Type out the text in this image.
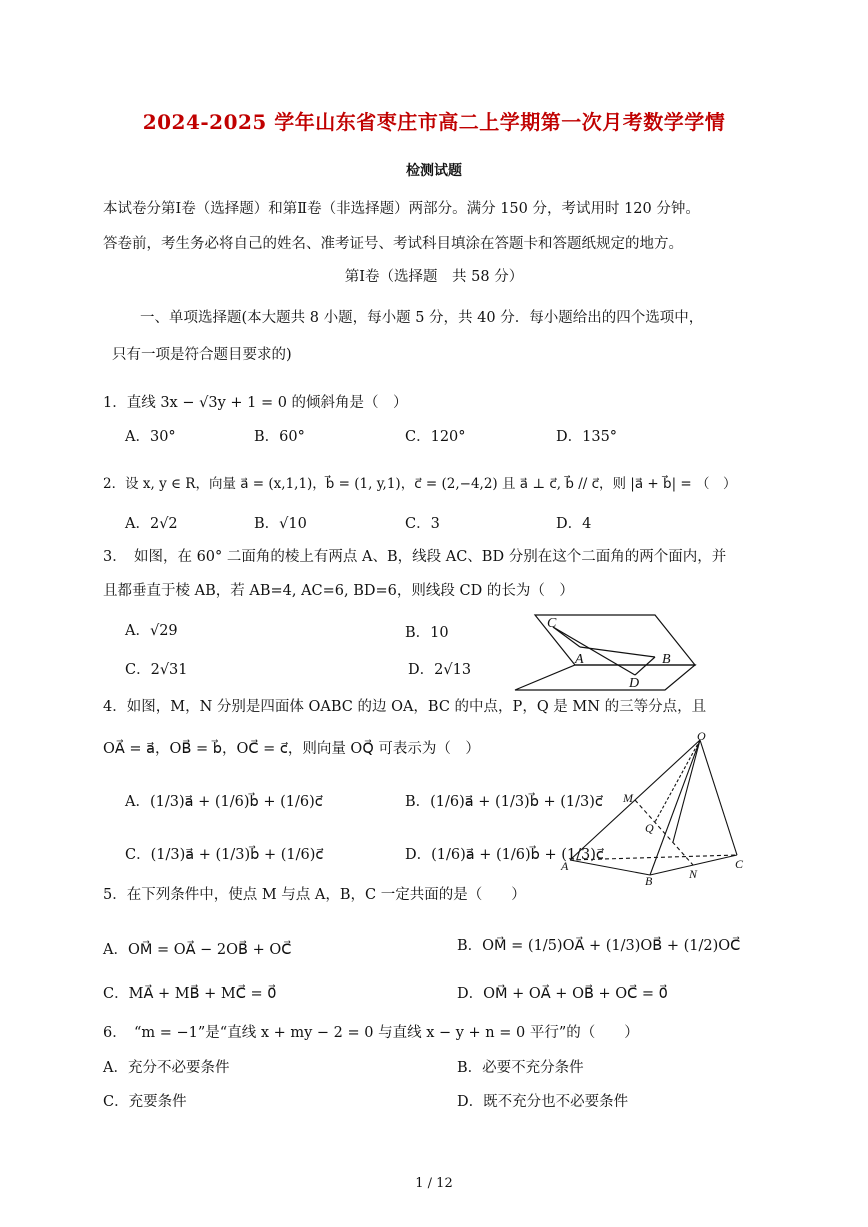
2024-2025 学年山东省枣庄市高二上学期第一次月考数学学情
检测试题
本试卷分第Ⅰ卷（选择题）和第Ⅱ卷（非选择题）两部分。满分 150 分，考试用时 120 分钟。
答卷前，考生务必将自己的姓名、准考证号、考试科目填涂在答题卡和答题纸规定的地方。
第Ⅰ卷（选择题　共 58 分）
一、单项选择题(本大题共 8 小题，每小题 5 分，共 40 分．每小题给出的四个选项中，
只有一项是符合题目要求的)
1．直线 3x − √3y + 1 = 0 的倾斜角是（　）
A．30°	B．60°	C．120°	D．135°
2．设 x, y ∈ R，向量 a⃗ = (x,1,1)，b⃗ = (1, y,1)，c⃗ = (2,−4,2) 且 a⃗ ⊥ c⃗, b⃗ // c⃗，则 |a⃗ + b⃗| = （　）
A．2√2	B．√10	C．3	D．4
3．　如图，在 60° 二面角的棱上有两点 A、B，线段 AC、BD 分别在这个二面角的两个面内，并
且都垂直于棱 AB，若 AB=4, AC=6, BD=6，则线段 CD 的长为（　）
A．√29	B．10
C．2√31	D．2√13
C
A	B
D
4．如图，M，N 分别是四面体 OABC 的边 OA，BC 的中点，P，Q 是 MN 的三等分点，且
OA⃗ = a⃗，OB⃗ = b⃗，OC⃗ = c⃗，则向量 OQ⃗ 可表示为（　）
A．(1/3)a⃗ + (1/6)b⃗ + (1/6)c⃗	B．(1/6)a⃗ + (1/3)b⃗ + (1/3)c⃗
C．(1/3)a⃗ + (1/3)b⃗ + (1/6)c⃗	D．(1/6)a⃗ + (1/6)b⃗ + (1/3)c⃗
O
M
Q
A
B	N
C
5．在下列条件中，使点 M 与点 A，B，C 一定共面的是（　　）
A．OM⃗ = OA⃗ − 2OB⃗ + OC⃗	B．OM⃗ = (1/5)OA⃗ + (1/3)OB⃗ + (1/2)OC⃗
C．MA⃗ + MB⃗ + MC⃗ = 0⃗	D．OM⃗ + OA⃗ + OB⃗ + OC⃗ = 0⃗
6．　“m = −1”是“直线 x + my − 2 = 0 与直线 x − y + n = 0 平行”的（　　）
A．充分不必要条件	B．必要不充分条件
C．充要条件	D．既不充分也不必要条件
1 / 12
